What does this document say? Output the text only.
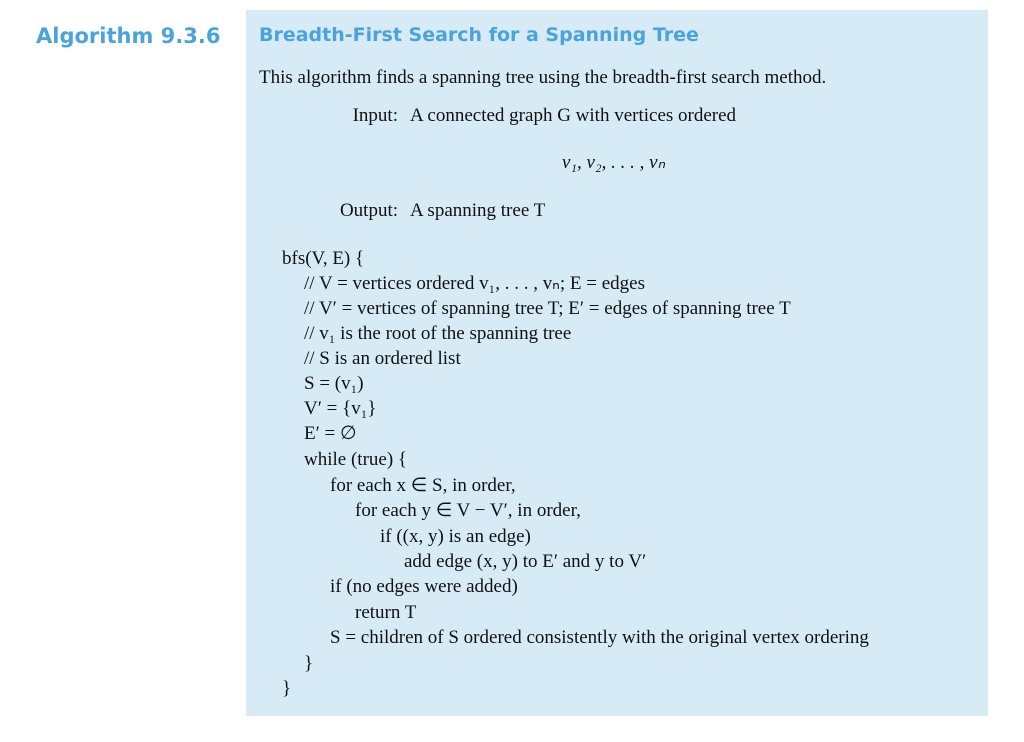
Algorithm 9.3.6 Breadth-First Search for a Spanning Tree
This algorithm finds a spanning tree using the breadth-first search method.
Input: A connected graph G with vertices ordered
v₁, v₂, . . . , vₙ
Output: A spanning tree T
bfs(V, E) {
// V = vertices ordered v₁, . . . , vₙ; E = edges
// V′ = vertices of spanning tree T; E′ = edges of spanning tree T
// v₁ is the root of the spanning tree
// S is an ordered list
S = (v₁)
V′ = {v₁}
E′ = ∅
while (true) {
for each x ∈ S, in order,
for each y ∈ V − V′, in order,
if ((x, y) is an edge)
add edge (x, y) to E′ and y to V′
if (no edges were added)
return T
S = children of S ordered consistently with the original vertex ordering
}
}
